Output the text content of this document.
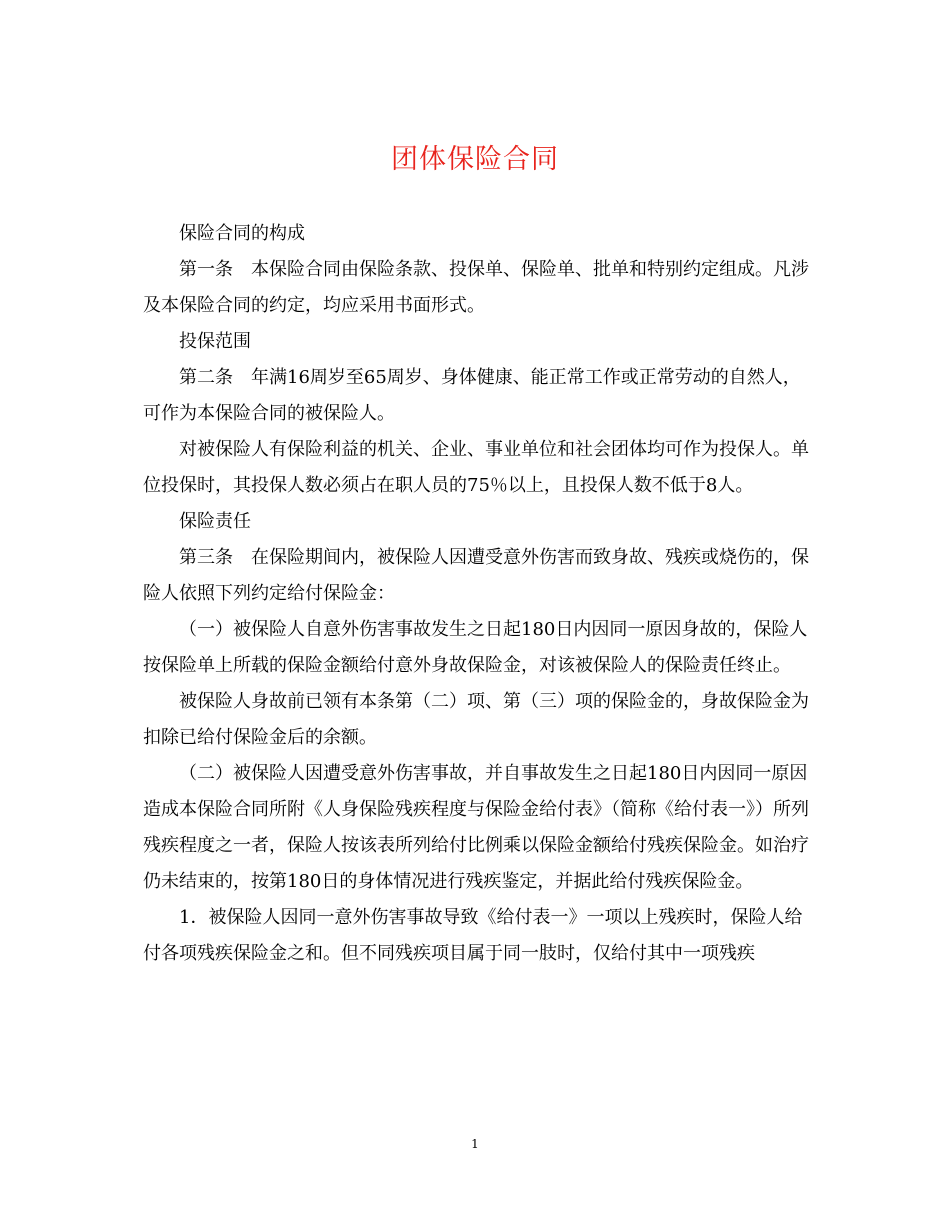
团体保险合同

保险合同的构成

第一条　本保险合同由保险条款、投保单、保险单、批单和特别约定组成。凡涉及本保险合同的约定，均应采用书面形式。

投保范围

第二条　年满16周岁至65周岁、身体健康、能正常工作或正常劳动的自然人，可作为本保险合同的被保险人。

对被保险人有保险利益的机关、企业、事业单位和社会团体均可作为投保人。单位投保时，其投保人数必须占在职人员的75％以上，且投保人数不低于8人。

保险责任

第三条　在保险期间内，被保险人因遭受意外伤害而致身故、残疾或烧伤的，保险人依照下列约定给付保险金：

（一）被保险人自意外伤害事故发生之日起180日内因同一原因身故的，保险人按保险单上所载的保险金额给付意外身故保险金，对该被保险人的保险责任终止。

被保险人身故前已领有本条第（二）项、第（三）项的保险金的，身故保险金为扣除已给付保险金后的余额。

（二）被保险人因遭受意外伤害事故，并自事故发生之日起180日内因同一原因造成本保险合同所附《人身保险残疾程度与保险金给付表》（简称《给付表一》）所列残疾程度之一者，保险人按该表所列给付比例乘以保险金额给付残疾保险金。如治疗仍未结束的，按第180日的身体情况进行残疾鉴定，并据此给付残疾保险金。

1．被保险人因同一意外伤害事故导致《给付表一》一项以上残疾时，保险人给付各项残疾保险金之和。但不同残疾项目属于同一肢时，仅给付其中一项残疾

1
